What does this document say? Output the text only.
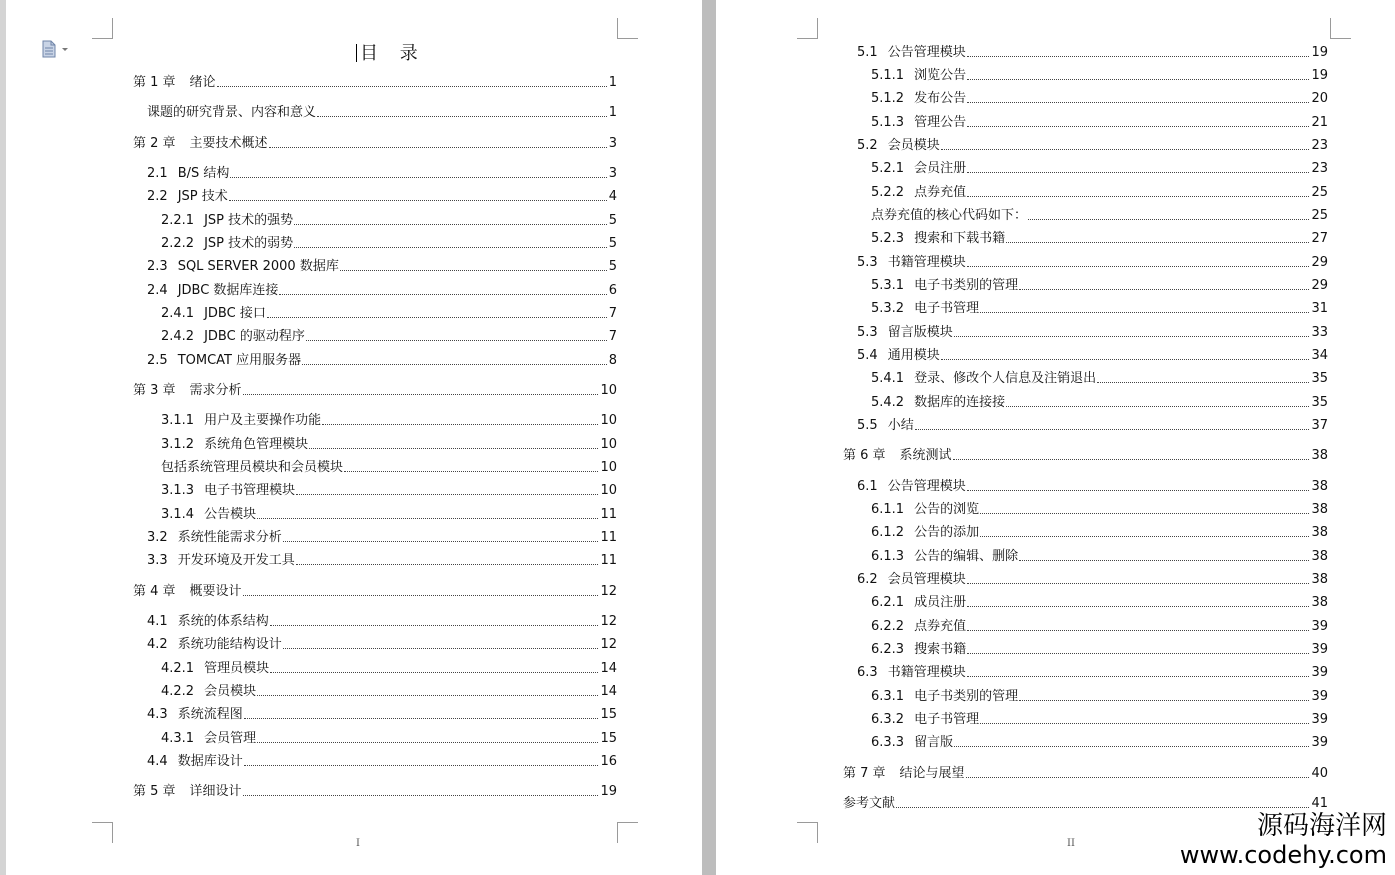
目 录
第 1 章 绪论	1
课题的研究背景、内容和意义	1
第 2 章 主要技术概述	3
2.1 B/S 结构	3
2.2 JSP 技术	4
2.2.1 JSP 技术的强势	5
2.2.2 JSP 技术的弱势	5
2.3 SQL SERVER 2000 数据库	5
2.4 JDBC 数据库连接	6
2.4.1 JDBC 接口	7
2.4.2 JDBC 的驱动程序	7
2.5 TOMCAT 应用服务器	8
第 3 章 需求分析	10
3.1.1 用户及主要操作功能	10
3.1.2 系统角色管理模块	10
包括系统管理员模块和会员模块	10
3.1.3 电子书管理模块	10
3.1.4 公告模块	11
3.2 系统性能需求分析	11
3.3 开发环境及开发工具	11
第 4 章 概要设计	12
4.1 系统的体系结构	12
4.2 系统功能结构设计	12
4.2.1 管理员模块	14
4.2.2 会员模块	14
4.3 系统流程图	15
4.3.1 会员管理	15
4.4 数据库设计	16
第 5 章 详细设计	19
I
5.1 公告管理模块	19
5.1.1 浏览公告	19
5.1.2 发布公告	20
5.1.3 管理公告	21
5.2 会员模块	23
5.2.1 会员注册	23
5.2.2 点券充值	25
点券充值的核心代码如下：	25
5.2.3 搜索和下载书籍	27
5.3 书籍管理模块	29
5.3.1 电子书类别的管理	29
5.3.2 电子书管理	31
5.3 留言版模块	33
5.4 通用模块	34
5.4.1 登录、修改个人信息及注销退出	35
5.4.2 数据库的连接接	35
5.5 小结	37
第 6 章 系统测试	38
6.1 公告管理模块	38
6.1.1 公告的浏览	38
6.1.2 公告的添加	38
6.1.3 公告的编辑、删除	38
6.2 会员管理模块	38
6.2.1 成员注册	38
6.2.2 点券充值	39
6.2.3 搜索书籍	39
6.3 书籍管理模块	39
6.3.1 电子书类别的管理	39
6.3.2 电子书管理	39
6.3.3 留言版	39
第 7 章 结论与展望	40
参考文献	41
II
源码海洋网
www.codehy.com
